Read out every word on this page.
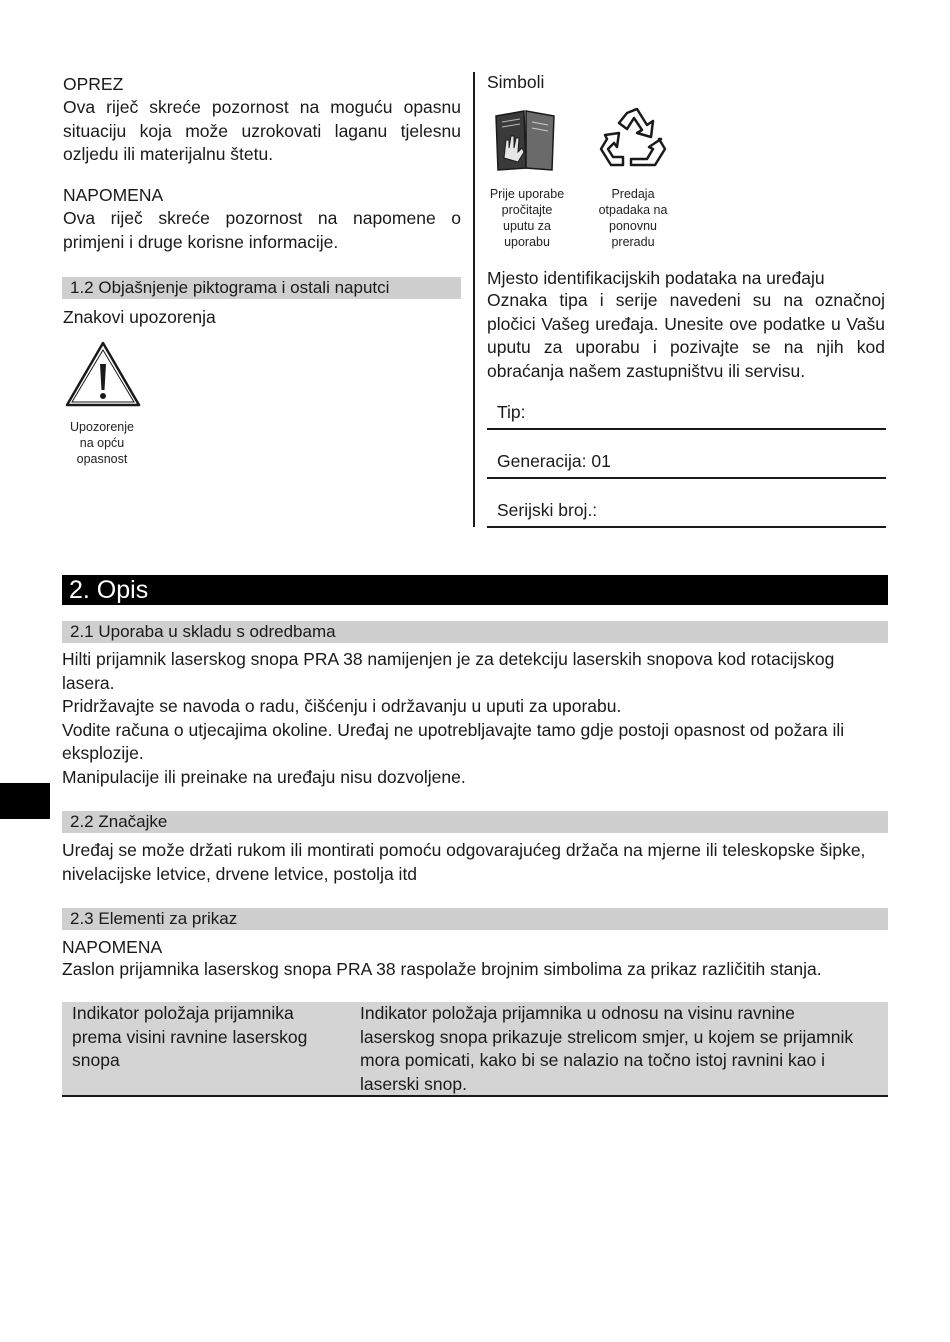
OPREZ

Ova riječ skreće pozornost na moguću opasnu situaciju koja može uzrokovati laganu tjelesnu ozljedu ili materijalnu štetu.

NAPOMENA

Ova riječ skreće pozornost na napomene o primjeni i druge korisne informacije.

1.2 Objašnjenje piktograma i ostali naputci
Znakovi upozorenja
Upozorenje
na opću
opasnost
Simboli
Prije uporabe
pročitajte
uputu za
uporabu
Predaja
otpadaka na
ponovnu
preradu
Mjesto identifikacijskih podataka na uređaju

Oznaka tipa i serije navedeni su na označnoj pločici Vašeg uređaja. Unesite ove podatke u Vašu uputu za uporabu i pozivajte se na njih kod obraćanja našem zastupništvu ili servisu.

Tip:
Generacija: 01
Serijski broj.:
2. Opis
2.1 Uporaba u skladu s odredbama

Hilti prijamnik laserskog snopa PRA 38 namijenjen je za detekciju laserskih snopova kod rotacijskog lasera.

Pridržavajte se navoda o radu, čišćenju i održavanju u uputi za uporabu.

Vodite računa o utjecajima okoline. Uređaj ne upotrebljavajte tamo gdje postoji opasnost od požara ili eksplozije.

Manipulacije ili preinake na uređaju nisu dozvoljene.

2.2 Značajke

Uređaj se može držati rukom ili montirati pomoću odgovarajućeg držača na mjerne ili teleskopske šipke, nivelacijske letvice, drvene letvice, postolja itd

2.3 Elementi za prikaz
NAPOMENA

Zaslon prijamnika laserskog snopa PRA 38 raspolaže brojnim simbolima za prikaz različitih stanja.

Indikator položaja prijamnika prema visini ravnine laserskog snopa
Indikator položaja prijamnika u odnosu na visinu ravnine laserskog snopa prikazuje strelicom smjer, u kojem se prijamnik mora pomicati, kako bi se nalazio na točno istoj ravnini kao i laserski snop.
